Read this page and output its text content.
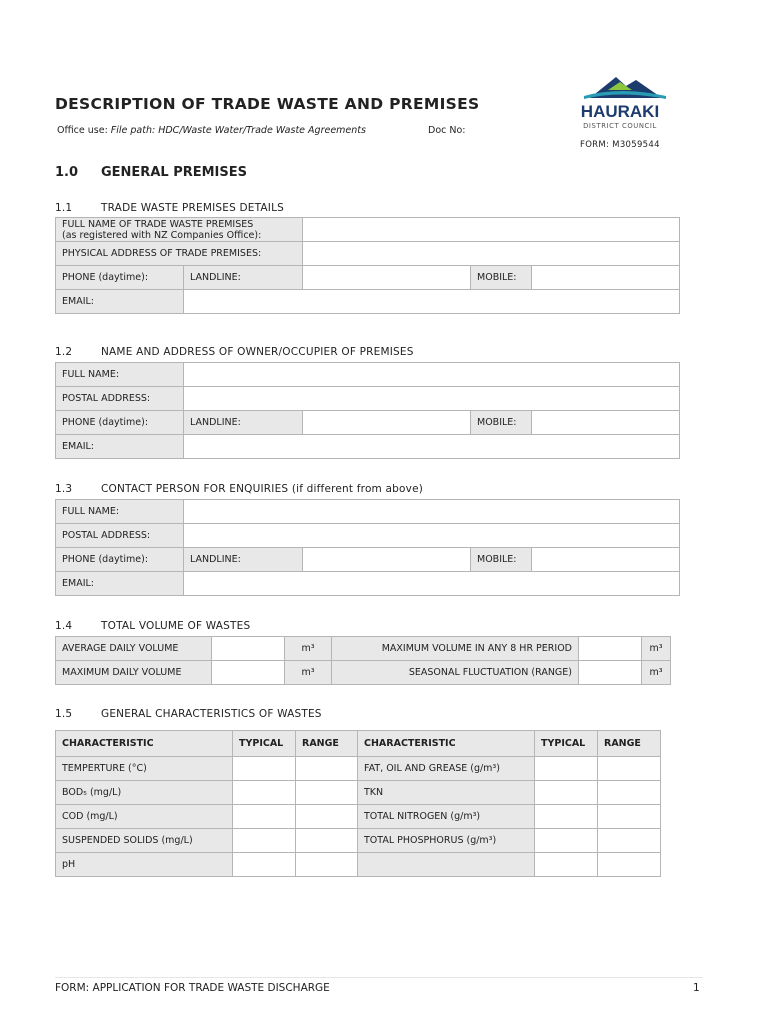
DESCRIPTION OF TRADE WASTE AND PREMISES
Office use: File path: HDC/Waste Water/Trade Waste Agreements	Doc No:
FORM: M3059544
HAURAKI
DISTRICT COUNCIL
1.0 GENERAL PREMISES
1.1	TRADE WASTE PREMISES DETAILS
FULL NAME OF TRADE WASTE PREMISES
(as registered with NZ Companies Office):				
PHYSICAL ADDRESS OF TRADE PREMISES:				
PHONE (daytime):	LANDLINE:		MOBILE:	
EMAIL:				
1.2	NAME AND ADDRESS OF OWNER/OCCUPIER OF PREMISES
FULL NAME:				
POSTAL ADDRESS:				
PHONE (daytime):	LANDLINE:		MOBILE:	
EMAIL:				
1.3	CONTACT PERSON FOR ENQUIRIES (if different from above)
FULL NAME:				
POSTAL ADDRESS:				
PHONE (daytime):	LANDLINE:		MOBILE:	
EMAIL:				
1.4	TOTAL VOLUME OF WASTES
AVERAGE DAILY VOLUME		m³	MAXIMUM VOLUME IN ANY 8 HR PERIOD		m³
MAXIMUM DAILY VOLUME		m³	SEASONAL FLUCTUATION (RANGE)		m³
1.5	GENERAL CHARACTERISTICS OF WASTES
CHARACTERISTIC	TYPICAL	RANGE	CHARACTERISTIC	TYPICAL	RANGE
TEMPERTURE (°C)			FAT, OIL AND GREASE (g/m³)		
BOD₅ (mg/L)			TKN		
COD (mg/L)			TOTAL NITROGEN (g/m³)		
SUSPENDED SOLIDS (mg/L)			TOTAL PHOSPHORUS (g/m³)		
pH					
FORM: APPLICATION FOR TRADE WASTE DISCHARGE	1
